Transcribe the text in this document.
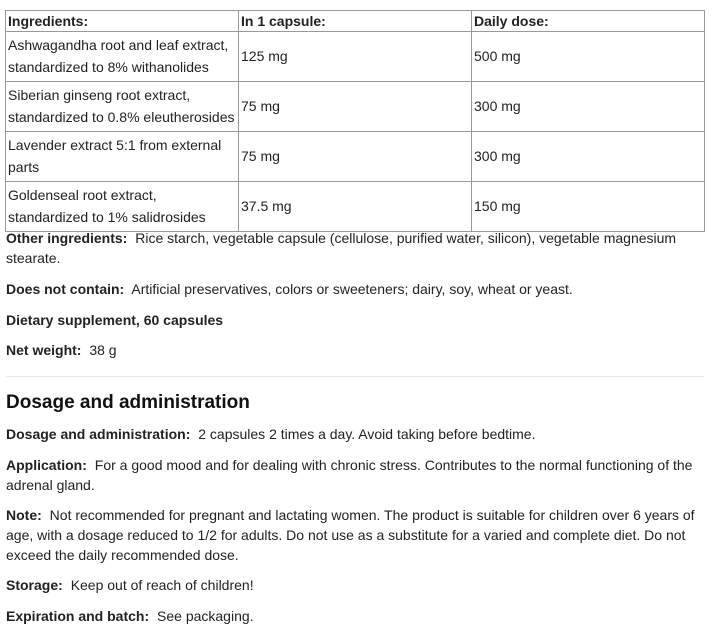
Ingredients:	In 1 capsule:	Daily dose:
Ashwagandha root and leaf extract, standardized to 8% withanolides	125 mg	500 mg
Siberian ginseng root extract, standardized to 0.8% eleutherosides	75 mg	300 mg
Lavender extract 5:1 from external parts	75 mg	300 mg
Goldenseal root extract, standardized to 1% salidrosides	37.5 mg	150 mg

Other ingredients: Rice starch, vegetable capsule (cellulose, purified water, silicon), vegetable magnesium stearate.

Does not contain: Artificial preservatives, colors or sweeteners; dairy, soy, wheat or yeast.

Dietary supplement, 60 capsules

Net weight: 38 g

Dosage and administration

Dosage and administration: 2 capsules 2 times a day. Avoid taking before bedtime.

Application: For a good mood and for dealing with chronic stress. Contributes to the normal functioning of the adrenal gland.

Note: Not recommended for pregnant and lactating women. The product is suitable for children over 6 years of age, with a dosage reduced to 1/2 for adults. Do not use as a substitute for a varied and complete diet. Do not exceed the daily recommended dose.

Storage: Keep out of reach of children!

Expiration and batch: See packaging.
